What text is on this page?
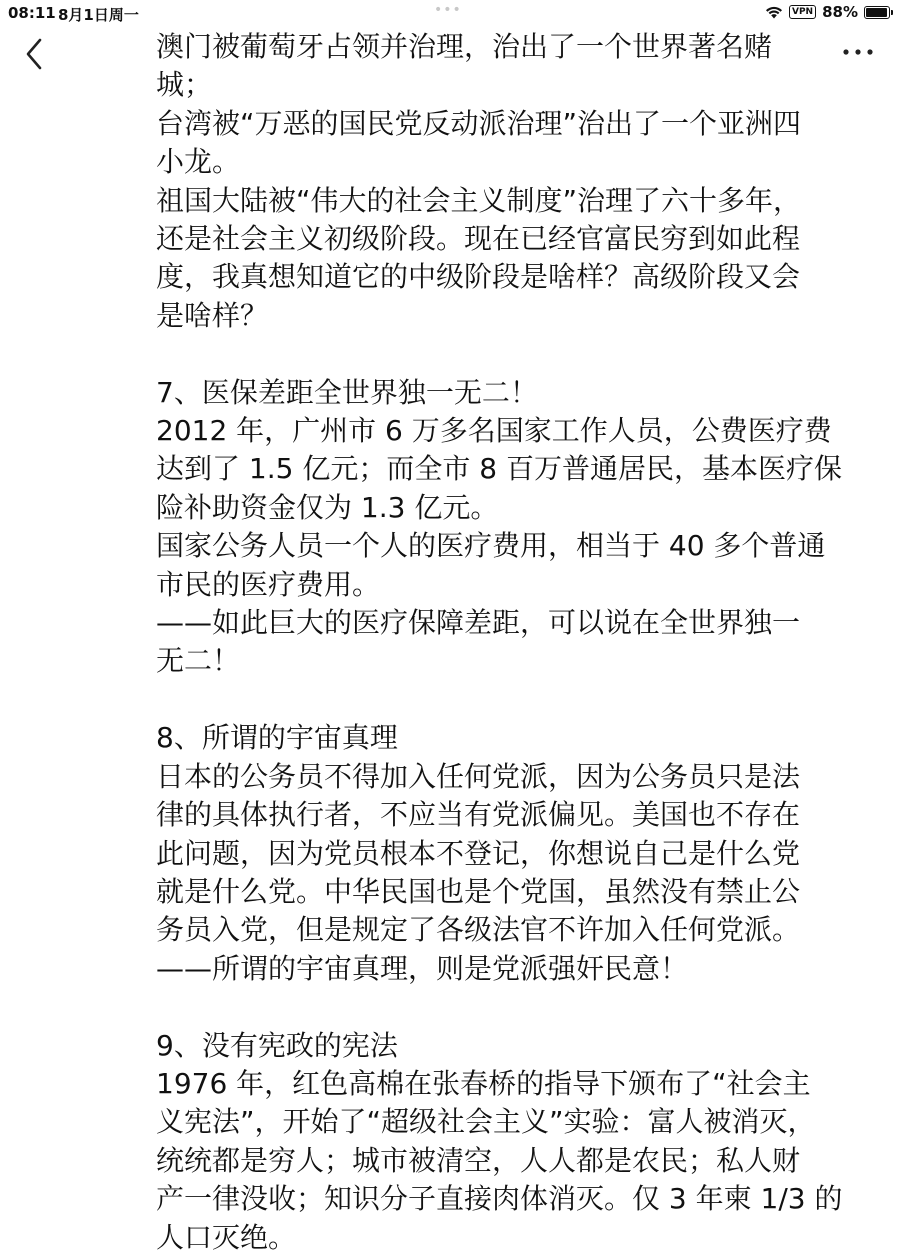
08:11 8月1日周一	•••	VPN 88%

澳门被葡萄牙占领并治理，治出了一个世界著名赌

城；

台湾被“万恶的国民党反动派治理”治出了一个亚洲四

小龙。

祖国大陆被“伟大的社会主义制度”治理了六十多年，

还是社会主义初级阶段。现在已经官富民穷到如此程

度，我真想知道它的中级阶段是啥样？高级阶段又会

是啥样？

7、医保差距全世界独一无二！

2012 年，广州市 6 万多名国家工作人员，公费医疗费

达到了 1.5 亿元；而全市 8 百万普通居民，基本医疗保

险补助资金仅为 1.3 亿元。

国家公务人员一个人的医疗费用，相当于 40 多个普通

市民的医疗费用。

——如此巨大的医疗保障差距，可以说在全世界独一

无二！

8、所谓的宇宙真理

日本的公务员不得加入任何党派，因为公务员只是法

律的具体执行者，不应当有党派偏见。美国也不存在

此问题，因为党员根本不登记，你想说自己是什么党

就是什么党。中华民国也是个党国，虽然没有禁止公

务员入党，但是规定了各级法官不许加入任何党派。

——所谓的宇宙真理，则是党派强奸民意！

9、没有宪政的宪法

1976 年，红色高棉在张春桥的指导下颁布了“社会主

义宪法”，开始了“超级社会主义”实验：富人被消灭，

统统都是穷人；城市被清空，人人都是农民；私人财

产一律没收；知识分子直接肉体消灭。仅 3 年柬 1/3 的

人口灭绝。
